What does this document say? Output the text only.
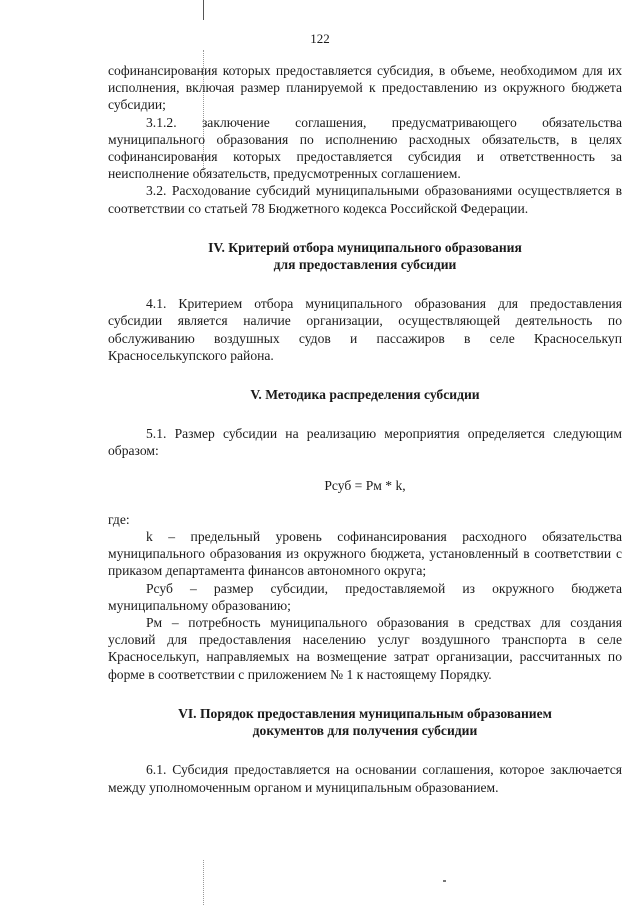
122

софинансирования которых предоставляется субсидия, в объеме, необходимом для их исполнения, включая размер планируемой к предоставлению из окружного бюджета субсидии;

3.1.2. заключение соглашения, предусматривающего обязательства муниципального образования по исполнению расходных обязательств, в целях софинансирования которых предоставляется субсидия и ответственность за неисполнение обязательств, предусмотренных соглашением.

3.2. Расходование субсидий муниципальными образованиями осуществляется в соответствии со статьей 78 Бюджетного кодекса Российской Федерации.

IV. Критерий отбора муниципального образования
для предоставления субсидии

4.1. Критерием отбора муниципального образования для предоставления субсидии является наличие организации, осуществляющей деятельность по обслуживанию воздушных судов и пассажиров в селе Красноселькуп Красноселькупского района.

V. Методика распределения субсидии

5.1. Размер субсидии на реализацию мероприятия определяется следующим образом:

Рсуб = Рм * k,

где:

k – предельный уровень софинансирования расходного обязательства муниципального образования из окружного бюджета, установленный в соответствии с приказом департамента финансов автономного округа;

Рсуб – размер субсидии, предоставляемой из окружного бюджета муниципальному образованию;

Рм – потребность муниципального образования в средствах для создания условий для предоставления населению услуг воздушного транспорта в селе Красноселькуп, направляемых на возмещение затрат организации, рассчитанных по форме в соответствии с приложением № 1 к настоящему Порядку.

VI. Порядок предоставления муниципальным образованием
документов для получения субсидии

6.1. Субсидия предоставляется на основании соглашения, которое заключается между уполномоченным органом и муниципальным образованием.
